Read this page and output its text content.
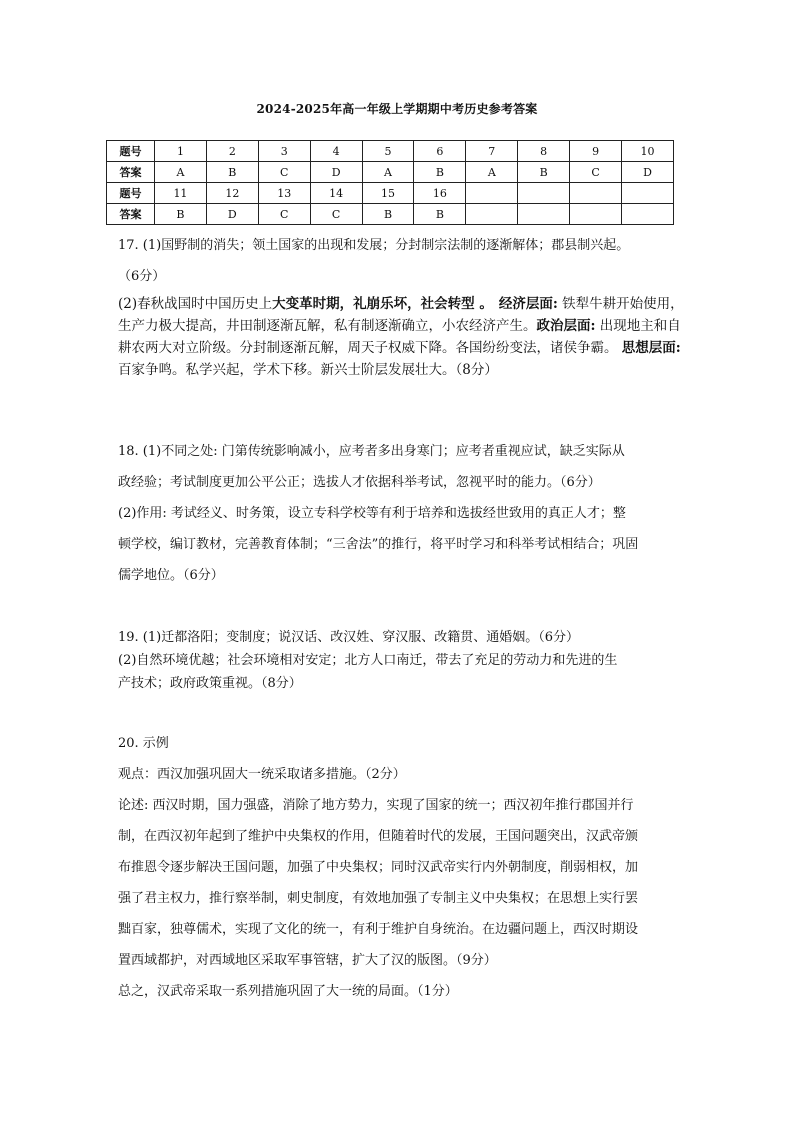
2024-2025年高一年级上学期期中考历史参考答案
题号	1	2	3	4	5	6	7	8	9	10
答案	A	B	C	D	A	B	A	B	C	D
题号	11	12	13	14	15	16				
答案	B	D	C	C	B	B				

17. (1)国野制的消失；领土国家的出现和发展；分封制宗法制的逐渐解体；郡县制兴起。

（6分）

(2)春秋战国时中国历史上大变革时期，礼崩乐坏，社会转型 。 经济层面: 铁犁牛耕开始使用，生产力极大提高，井田制逐渐瓦解，私有制逐渐确立，小农经济产生。政治层面: 出现地主和自耕农两大对立阶级。分封制逐渐瓦解，周天子权威下降。各国纷纷变法，诸侯争霸。 思想层面: 百家争鸣。私学兴起，学术下移。新兴士阶层发展壮大。（8分）

18. (1)不同之处: 门第传统影响减小，应考者多出身寒门；应考者重视应试，缺乏实际从

政经验；考试制度更加公平公正；选拔人才依据科举考试，忽视平时的能力。（6分）

(2)作用: 考试经义、时务策，设立专科学校等有利于培养和选拔经世致用的真正人才；整

顿学校，编订教材，完善教育体制；“三舍法”的推行，将平时学习和科举考试相结合；巩固

儒学地位。（6分）

19. (1)迁都洛阳；变制度；说汉话、改汉姓、穿汉服、改籍贯、通婚姻。（6分）

(2)自然环境优越；社会环境相对安定；北方人口南迁，带去了充足的劳动力和先进的生

产技术；政府政策重视。（8分）

20. 示例

观点：西汉加强巩固大一统采取诸多措施。（2分）

论述: 西汉时期，国力强盛，消除了地方势力，实现了国家的统一；西汉初年推行郡国并行

制，在西汉初年起到了维护中央集权的作用，但随着时代的发展，王国问题突出，汉武帝颁

布推恩令逐步解决王国问题，加强了中央集权；同时汉武帝实行内外朝制度，削弱相权，加

强了君主权力，推行察举制，刺史制度，有效地加强了专制主义中央集权；在思想上实行罢

黜百家，独尊儒术，实现了文化的统一，有利于维护自身统治。在边疆问题上，西汉时期设

置西域都护，对西域地区采取军事管辖，扩大了汉的版图。（9分）

总之，汉武帝采取一系列措施巩固了大一统的局面。（1分）
